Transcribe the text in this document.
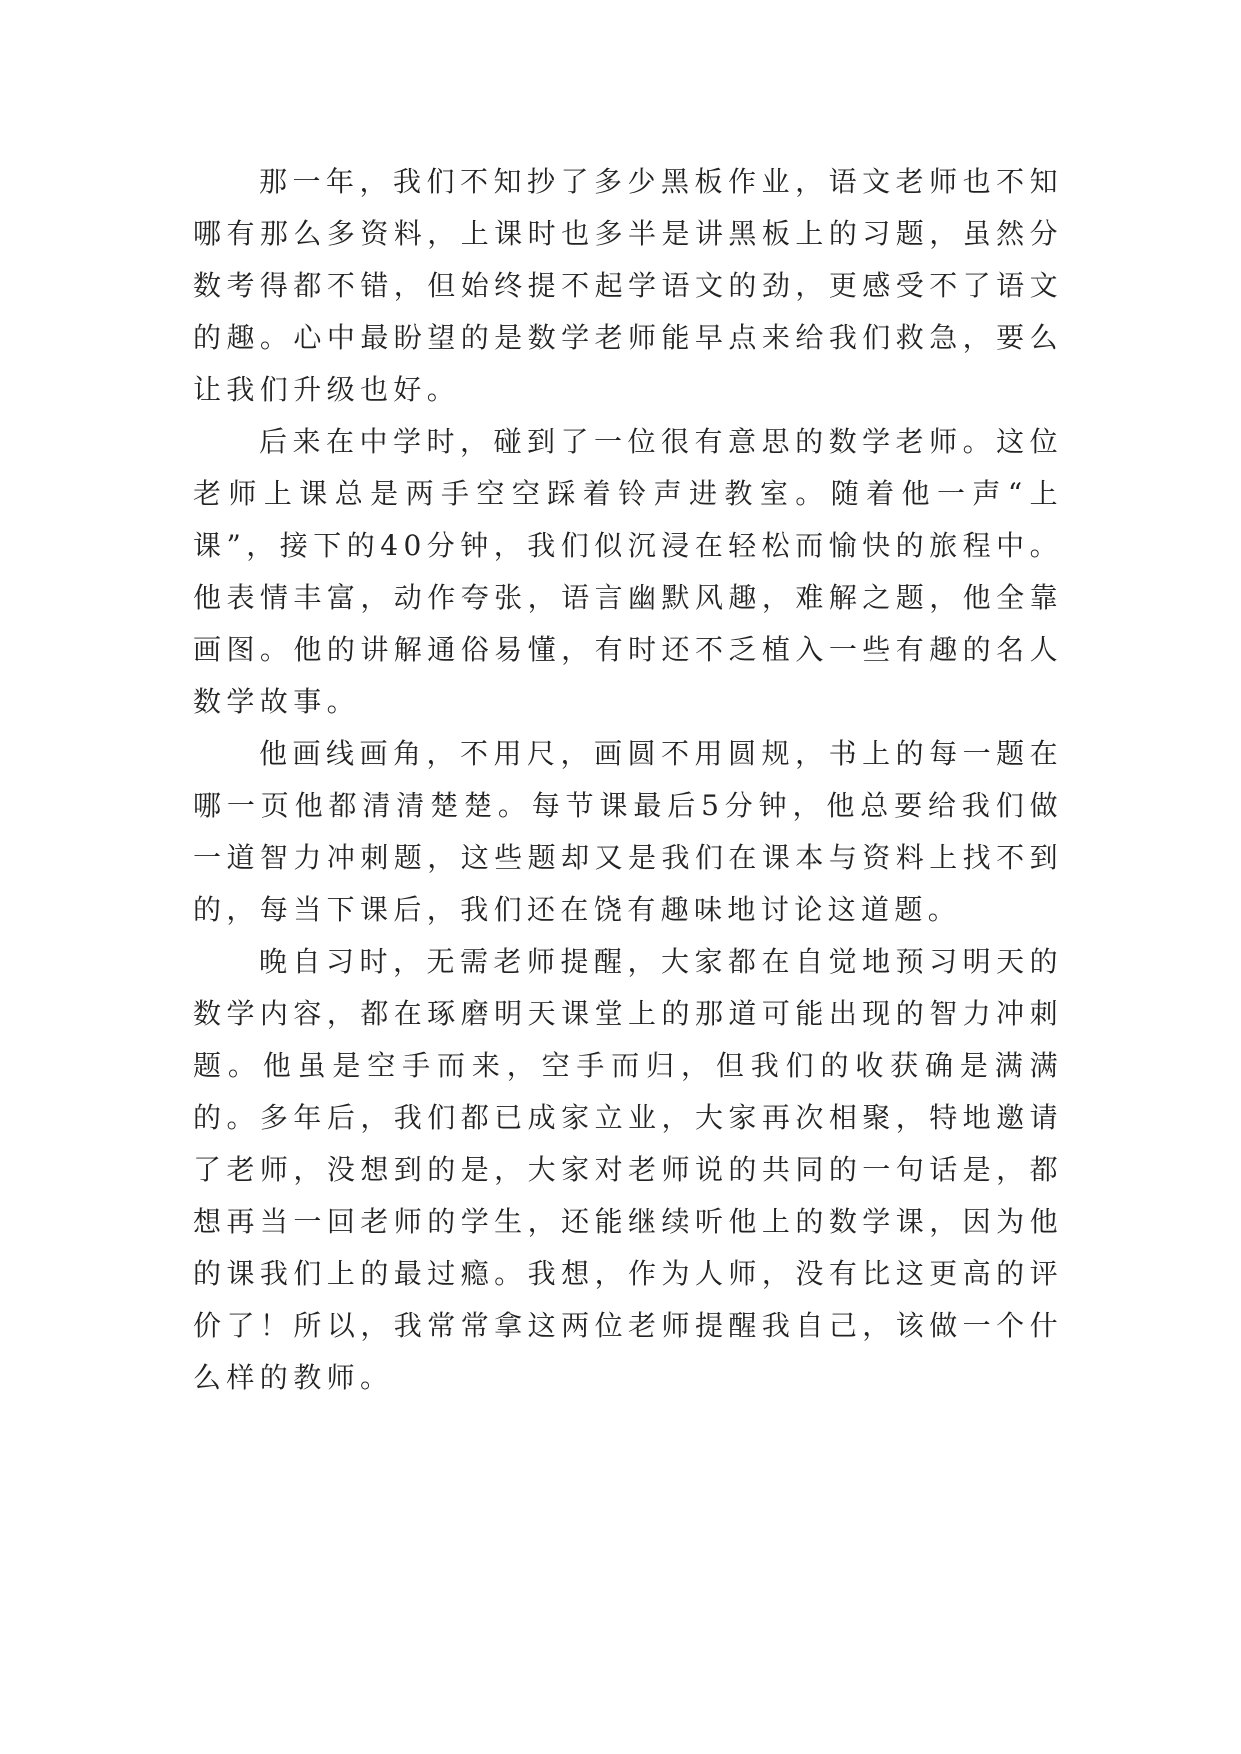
那一年，我们不知抄了多少黑板作业，语文老师也不知哪有那么多资料，上课时也多半是讲黑板上的习题，虽然分数考得都不错，但始终提不起学语文的劲，更感受不了语文的趣。心中最盼望的是数学老师能早点来给我们救急，要么让我们升级也好。

后来在中学时，碰到了一位很有意思的数学老师。这位老师上课总是两手空空踩着铃声进教室。随着他一声“上课”，接下的40分钟，我们似沉浸在轻松而愉快的旅程中。他表情丰富，动作夸张，语言幽默风趣，难解之题，他全靠画图。他的讲解通俗易懂，有时还不乏植入一些有趣的名人数学故事。

他画线画角，不用尺，画圆不用圆规，书上的每一题在哪一页他都清清楚楚。每节课最后5分钟，他总要给我们做一道智力冲刺题，这些题却又是我们在课本与资料上找不到的，每当下课后，我们还在饶有趣味地讨论这道题。

晚自习时，无需老师提醒，大家都在自觉地预习明天的数学内容，都在琢磨明天课堂上的那道可能出现的智力冲刺题。他虽是空手而来，空手而归，但我们的收获确是满满的。多年后，我们都已成家立业，大家再次相聚，特地邀请了老师，没想到的是，大家对老师说的共同的一句话是，都想再当一回老师的学生，还能继续听他上的数学课，因为他的课我们上的最过瘾。我想，作为人师，没有比这更高的评价了！所以，我常常拿这两位老师提醒我自己，该做一个什么样的教师。
